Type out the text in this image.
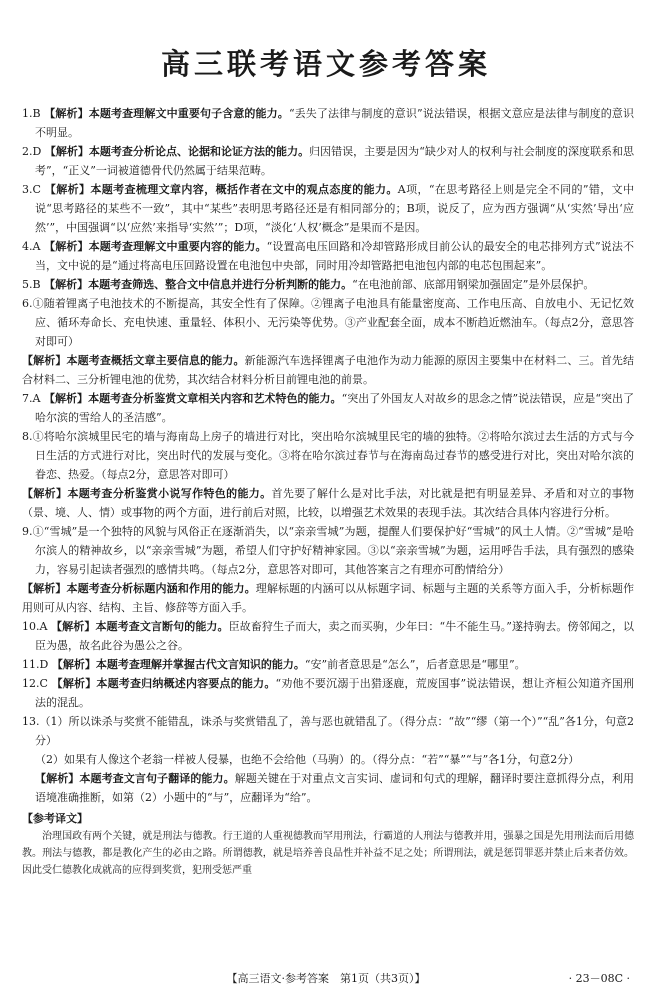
高三联考语文参考答案

1.B 【解析】本题考查理解文中重要句子含意的能力。“丢失了法律与制度的意识”说法错误，根据文意应是法律与制度的意识不明显。

2.D 【解析】本题考查分析论点、论据和论证方法的能力。归因错误，主要是因为“缺少对人的权利与社会制度的深度联系和思考”，“正义”一词被道德骨代仍然属于结果范畴。

3.C 【解析】本题考查梳理文章内容，概括作者在文中的观点态度的能力。A项，“在思考路径上则是完全不同的”错，文中说“思考路径的某些不一致”，其中“某些”表明思考路径还是有相同部分的；B项，说反了，应为西方强调“从‘实然’导出‘应然’”，中国强调“以‘应然’来指导‘实然’”；D项，“淡化‘人权’概念”是果而不是因。

4.A 【解析】本题考查理解文中重要内容的能力。“设置高电压回路和冷却管路形成目前公认的最安全的电芯排列方式”说法不当，文中说的是“通过将高电压回路设置在电池包中央部，同时用冷却管路把电池包内部的电芯包围起来”。

5.B 【解析】本题考查筛选、整合文中信息并进行分析判断的能力。“在电池前部、底部用钢梁加强固定”是外层保护。

6.①随着锂离子电池技术的不断提高，其安全性有了保障。②锂离子电池具有能量密度高、工作电压高、自放电小、无记忆效应、循环寿命长、充电快速、重量轻、体积小、无污染等优势。③产业配套全面，成本不断趋近燃油车。（每点2分，意思答对即可）

【解析】本题考查概括文章主要信息的能力。新能源汽车选择锂离子电池作为动力能源的原因主要集中在材料二、三。首先结合材料二、三分析锂电池的优势，其次结合材料分析目前锂电池的前景。

7.A 【解析】本题考查分析鉴赏文章相关内容和艺术特色的能力。“突出了外国友人对故乡的思念之情”说法错误，应是“突出了哈尔滨的雪给人的圣洁感”。

8.①将哈尔滨城里民宅的墙与海南岛上房子的墙进行对比，突出哈尔滨城里民宅的墙的独特。②将哈尔滨过去生活的方式与今日生活的方式进行对比，突出时代的发展与变化。③将在哈尔滨过春节与在海南岛过春节的感受进行对比，突出对哈尔滨的眷恋、热爱。（每点2分，意思答对即可）

【解析】本题考查分析鉴赏小说写作特色的能力。首先要了解什么是对比手法，对比就是把有明显差异、矛盾和对立的事物（景、境、人、情）或事物的两个方面，进行前后对照，比较，以增强艺术效果的表现手法。其次结合具体内容进行分析。

9.①“雪城”是一个独特的风貌与风俗正在逐渐消失，以“亲亲雪城”为题，提醒人们要保护好“雪城”的风土人情。②“雪城”是哈尔滨人的精神故乡，以“亲亲雪城”为题，希望人们守护好精神家园。③以“亲亲雪城”为题，运用呼告手法，具有强烈的感染力，容易引起读者强烈的感情共鸣。（每点2分，意思答对即可，其他答案言之有理亦可酌情给分）

【解析】本题考查分析标题内涵和作用的能力。理解标题的内涵可以从标题字词、标题与主题的关系等方面入手，分析标题作用则可从内容、结构、主旨、修辞等方面入手。

10.A 【解析】本题考查文言断句的能力。臣故畜狩生子而大，卖之而买驹，少年曰：“牛不能生马。”遂持驹去。傍邻闻之，以臣为愚，故名此谷为愚公之谷。

11.D 【解析】本题考查理解并掌握古代文言知识的能力。“安”前者意思是“怎么”，后者意思是“哪里”。

12.C 【解析】本题考查归纳概述内容要点的能力。“劝他不要沉溺于出猎逐鹿，荒废国事”说法错误，想让齐桓公知道齐国刑法的混乱。

13.（1）所以诛杀与奖赏不能错乱，诛杀与奖赏错乱了，善与恶也就错乱了。（得分点：“故”“缪（第一个）”“乱”各1分，句意2分）

（2）如果有人像这个老翁一样被人侵暴，也绝不会给他（马驹）的。（得分点：“若”“暴”“与”各1分，句意2分）

【解析】本题考查文言句子翻译的能力。解题关键在于对重点文言实词、虚词和句式的理解，翻译时要注意抓得分点，利用语境准确推断，如第（2）小题中的“与”，应翻译为“给”。

【参考译文】

治理国政有两个关键，就是刑法与德教。行王道的人重视德教而罕用刑法，行霸道的人刑法与德教并用，强暴之国是先用刑法而后用德教。刑法与德教，都是教化产生的必由之路。所谓德教，就是培养善良品性并补益不足之处；所谓刑法，就是惩罚罪恶并禁止后来者仿效。因此受仁德教化成就高的应得到奖赏，犯刑受惩严重

【高三语文·参考答案　第1页（共3页）】	· 23－08C ·
